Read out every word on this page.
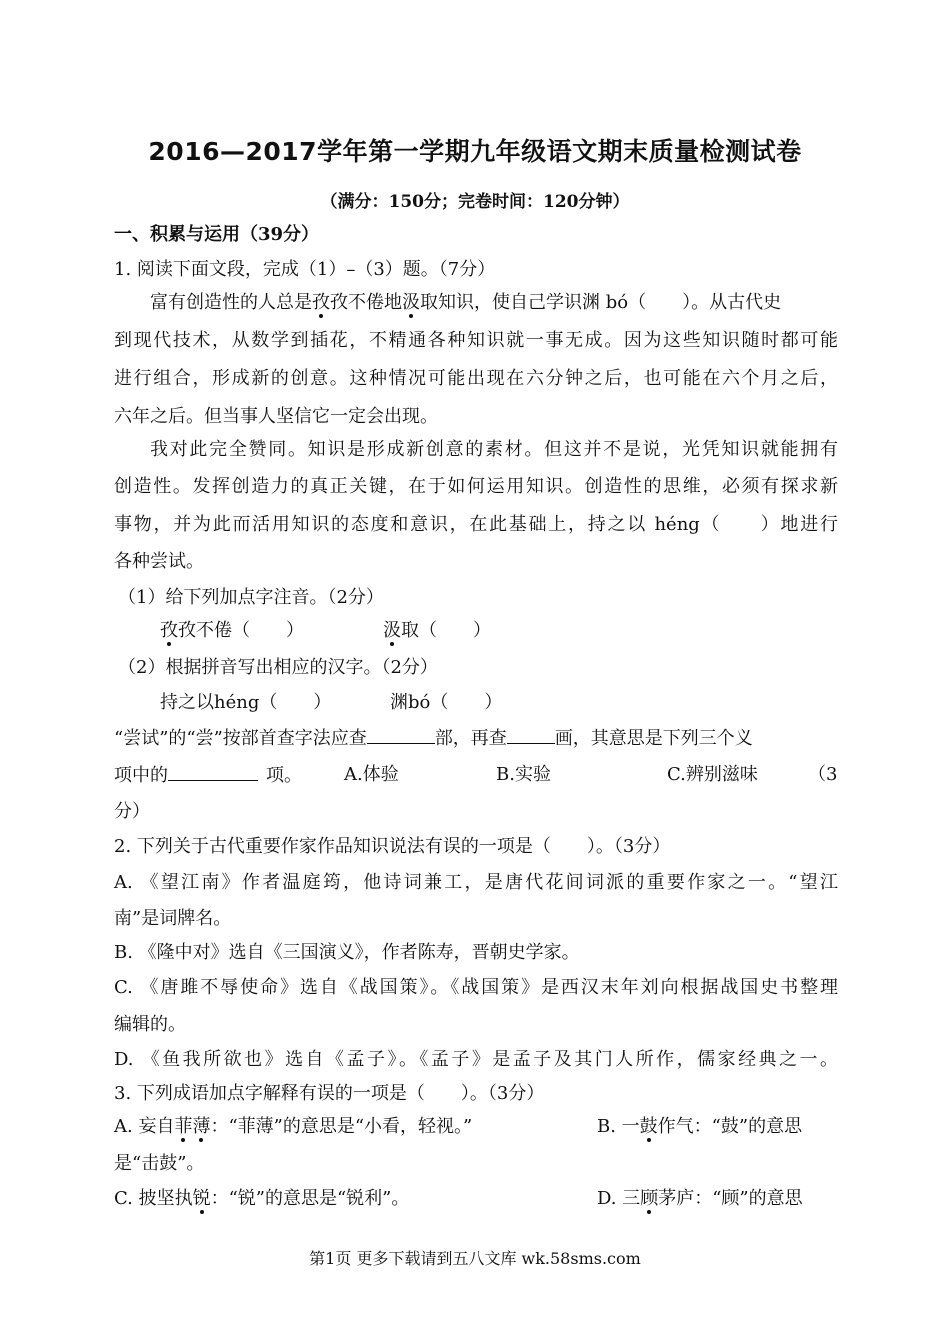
2016—2017学年第一学期九年级语文期末质量检测试卷
（满分：150分；完卷时间：120分钟）
一、积累与运用（39分）
1. 阅读下面文段，完成（1）–（3）题。（7分）
富有创造性的人总是孜孜不倦地汲取知识，使自己学识渊 bó（　　）。从古代史
到现代技术，从数学到插花，不精通各种知识就一事无成。因为这些知识随时都可能
进行组合，形成新的创意。这种情况可能出现在六分钟之后，也可能在六个月之后，
六年之后。但当事人坚信它一定会出现。
我对此完全赞同。知识是形成新创意的素材。但这并不是说，光凭知识就能拥有
创造性。发挥创造力的真正关键，在于如何运用知识。创造性的思维，必须有探求新
事物，并为此而活用知识的态度和意识，在此基础上，持之以 héng（　　）地进行
各种尝试。
（1）给下列加点字注音。（2分）
孜孜不倦（　　）	汲取（　　）
（2）根据拼音写出相应的汉字。（2分）
持之以héng（　　）	渊bó（　　）
“尝试”的“尝”按部首查字法应查	部，再查	画，其意思是下列三个义
项中的	项。	A.体验	B.实验	C.辨别滋味	（3
分）
2. 下列关于古代重要作家作品知识说法有误的一项是（　　）。（3分）
A. 《望江南》作者温庭筠，他诗词兼工，是唐代花间词派的重要作家之一。“望江
南”是词牌名。
B. 《隆中对》选自《三国演义》，作者陈寿，晋朝史学家。
C. 《唐雎不辱使命》选自《战国策》。《战国策》是西汉末年刘向根据战国史书整理
编辑的。
D. 《鱼我所欲也》选自《孟子》。《孟子》是孟子及其门人所作，儒家经典之一。
3. 下列成语加点字解释有误的一项是（　　）。（3分）
A. 妄自菲薄：“菲薄”的意思是“小看，轻视。”	B. 一鼓作气：“鼓”的意思
是“击鼓”。
C. 披坚执锐：“锐”的意思是“锐利”。	D. 三顾茅庐：“顾”的意思
第1页 更多下载请到五八文库 wk.58sms.com
